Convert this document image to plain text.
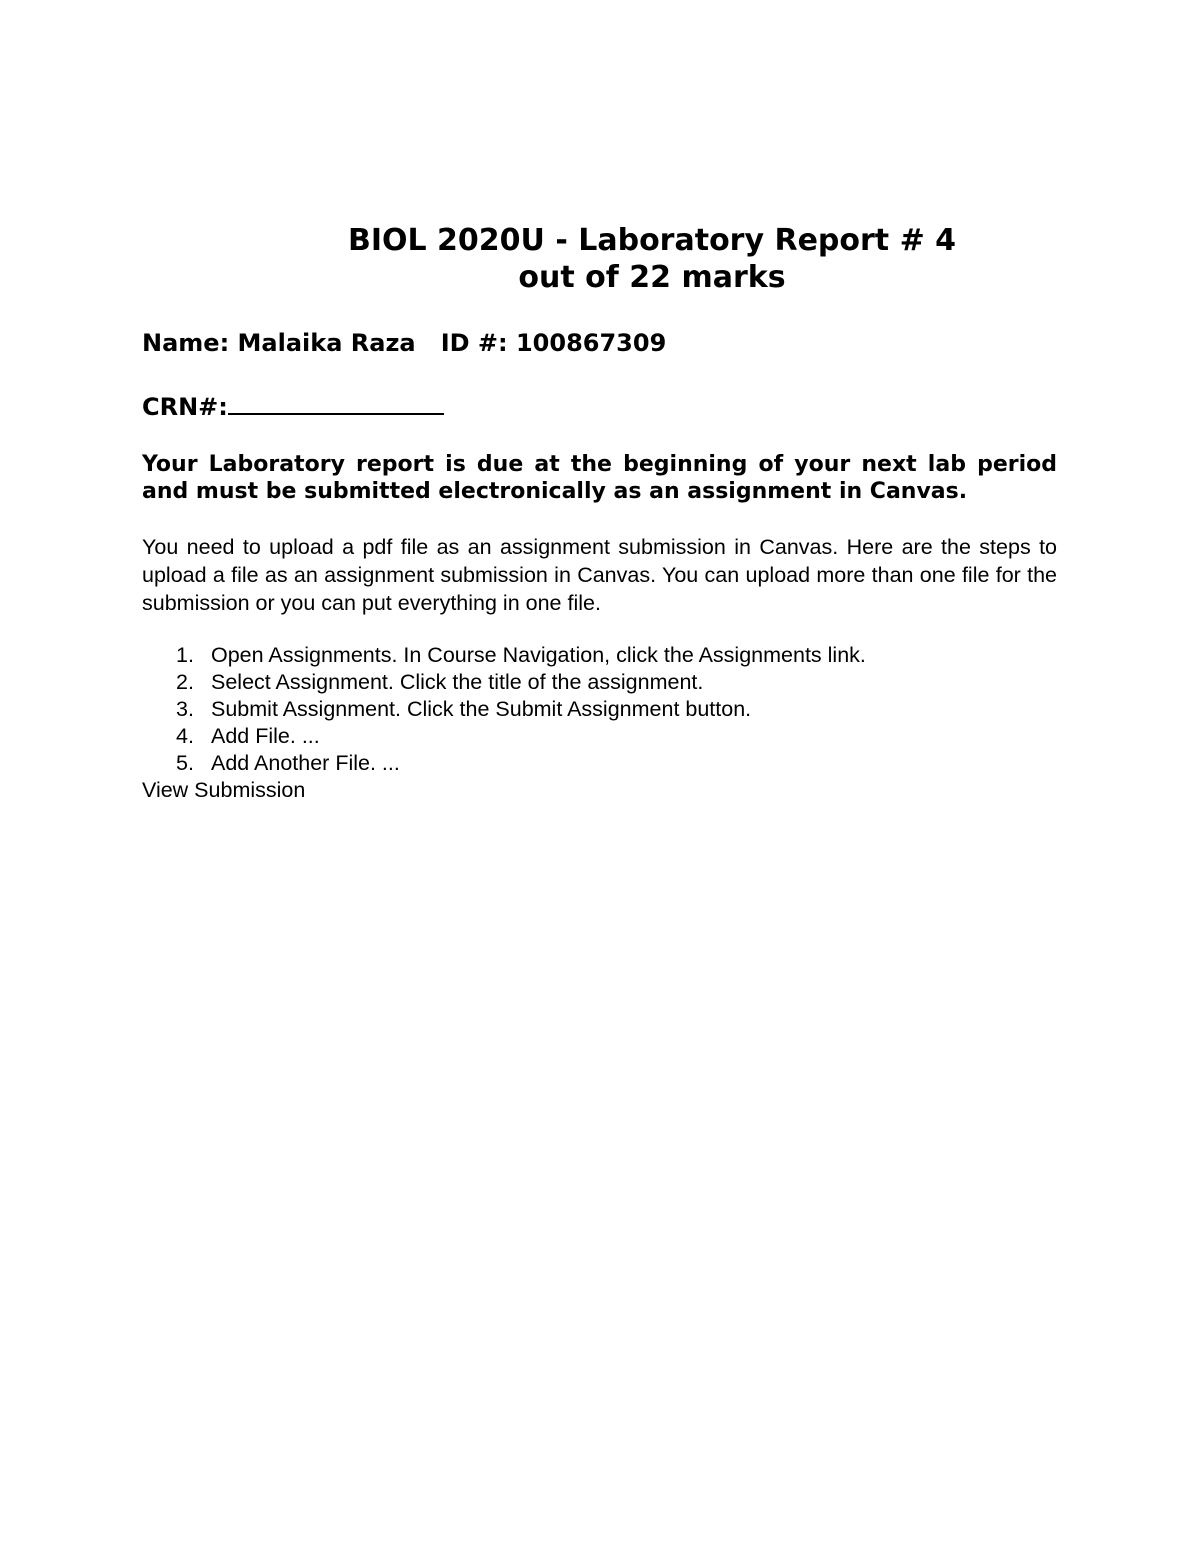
BIOL 2020U - Laboratory Report # 4
out of 22 marks

Name: Malaika Raza ID #: 100867309

CRN#:

Your Laboratory report is due at the beginning of your next lab period and must be submitted electronically as an assignment in Canvas.

You need to upload a pdf file as an assignment submission in Canvas. Here are the steps to upload a file as an assignment submission in Canvas. You can upload more than one file for the submission or you can put everything in one file.

1. Open Assignments. In Course Navigation, click the Assignments link.
2. Select Assignment. Click the title of the assignment.
3. Submit Assignment. Click the Submit Assignment button.
4. Add File. ...
5. Add Another File. ...

View Submission
